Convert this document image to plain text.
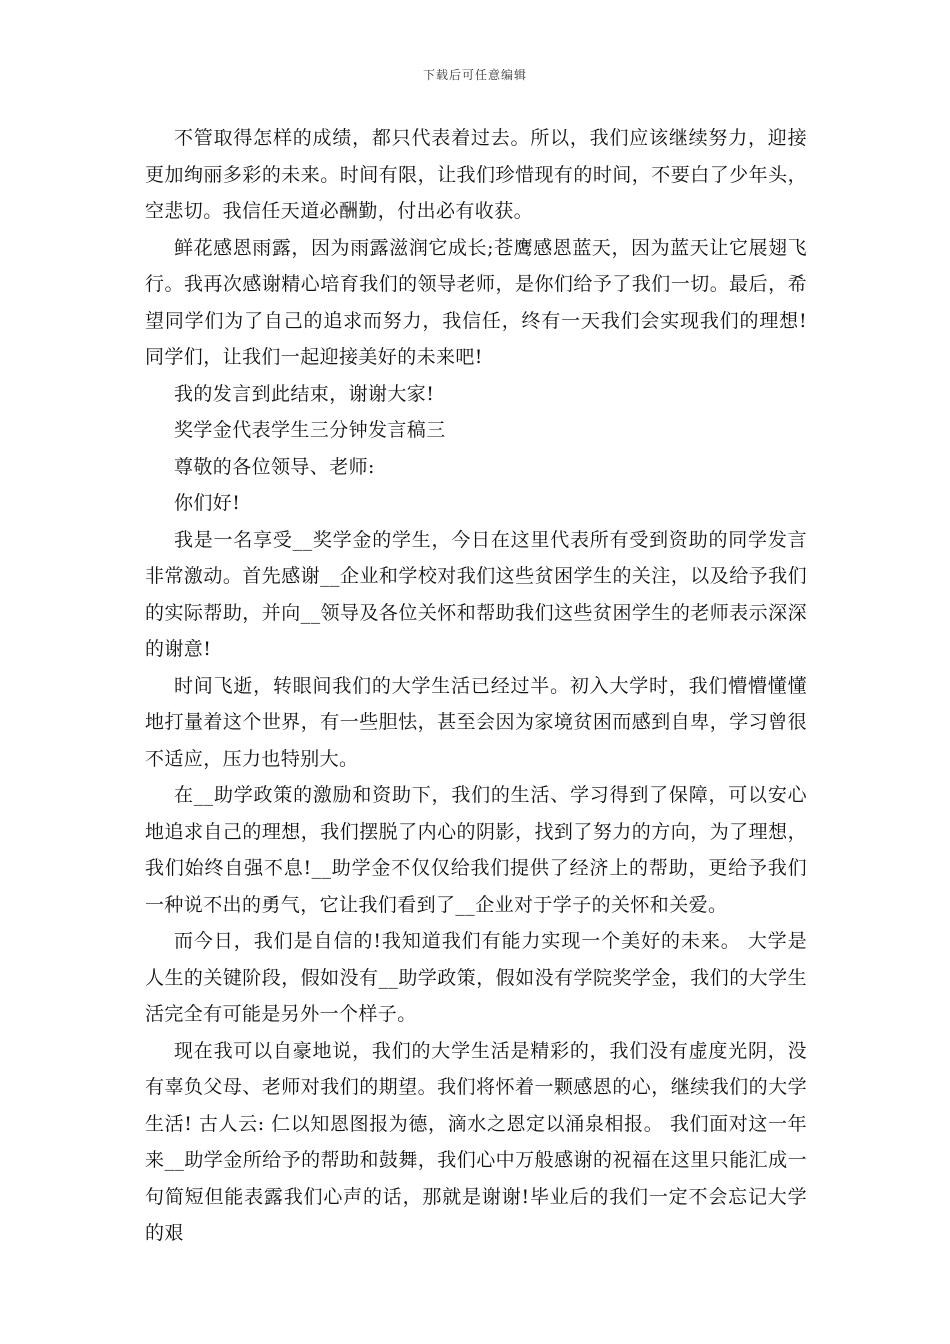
下载后可任意编辑

不管取得怎样的成绩，都只代表着过去。所以，我们应该继续努力，迎接更加绚丽多彩的未来。时间有限，让我们珍惜现有的时间，不要白了少年头，空悲切。我信任天道必酬勤，付出必有收获。

鲜花感恩雨露，因为雨露滋润它成长;苍鹰感恩蓝天，因为蓝天让它展翅飞行。我再次感谢精心培育我们的领导老师，是你们给予了我们一切。最后，希望同学们为了自己的追求而努力，我信任，终有一天我们会实现我们的理想!同学们，让我们一起迎接美好的未来吧!

我的发言到此结束，谢谢大家!

奖学金代表学生三分钟发言稿三

尊敬的各位领导、老师:

你们好!

我是一名享受__奖学金的学生，今日在这里代表所有受到资助的同学发言非常激动。首先感谢__企业和学校对我们这些贫困学生的关注，以及给予我们的实际帮助，并向__领导及各位关怀和帮助我们这些贫困学生的老师表示深深的谢意!

时间飞逝，转眼间我们的大学生活已经过半。初入大学时，我们懵懵懂懂地打量着这个世界，有一些胆怯，甚至会因为家境贫困而感到自卑，学习曾很不适应，压力也特别大。

在__助学政策的激励和资助下，我们的生活、学习得到了保障，可以安心地追求自己的理想，我们摆脱了内心的阴影，找到了努力的方向，为了理想，我们始终自强不息!__助学金不仅仅给我们提供了经济上的帮助，更给予我们一种说不出的勇气，它让我们看到了__企业对于学子的关怀和关爱。

而今日，我们是自信的!我知道我们有能力实现一个美好的未来。 大学是人生的关键阶段，假如没有__助学政策，假如没有学院奖学金，我们的大学生活完全有可能是另外一个样子。

现在我可以自豪地说，我们的大学生活是精彩的，我们没有虚度光阴，没有辜负父母、老师对我们的期望。我们将怀着一颗感恩的心，继续我们的大学生活! 古人云: 仁以知恩图报为德，滴水之恩定以涌泉相报。 我们面对这一年来__助学金所给予的帮助和鼓舞，我们心中万般感谢的祝福在这里只能汇成一句简短但能表露我们心声的话，那就是谢谢!毕业后的我们一定不会忘记大学的艰
